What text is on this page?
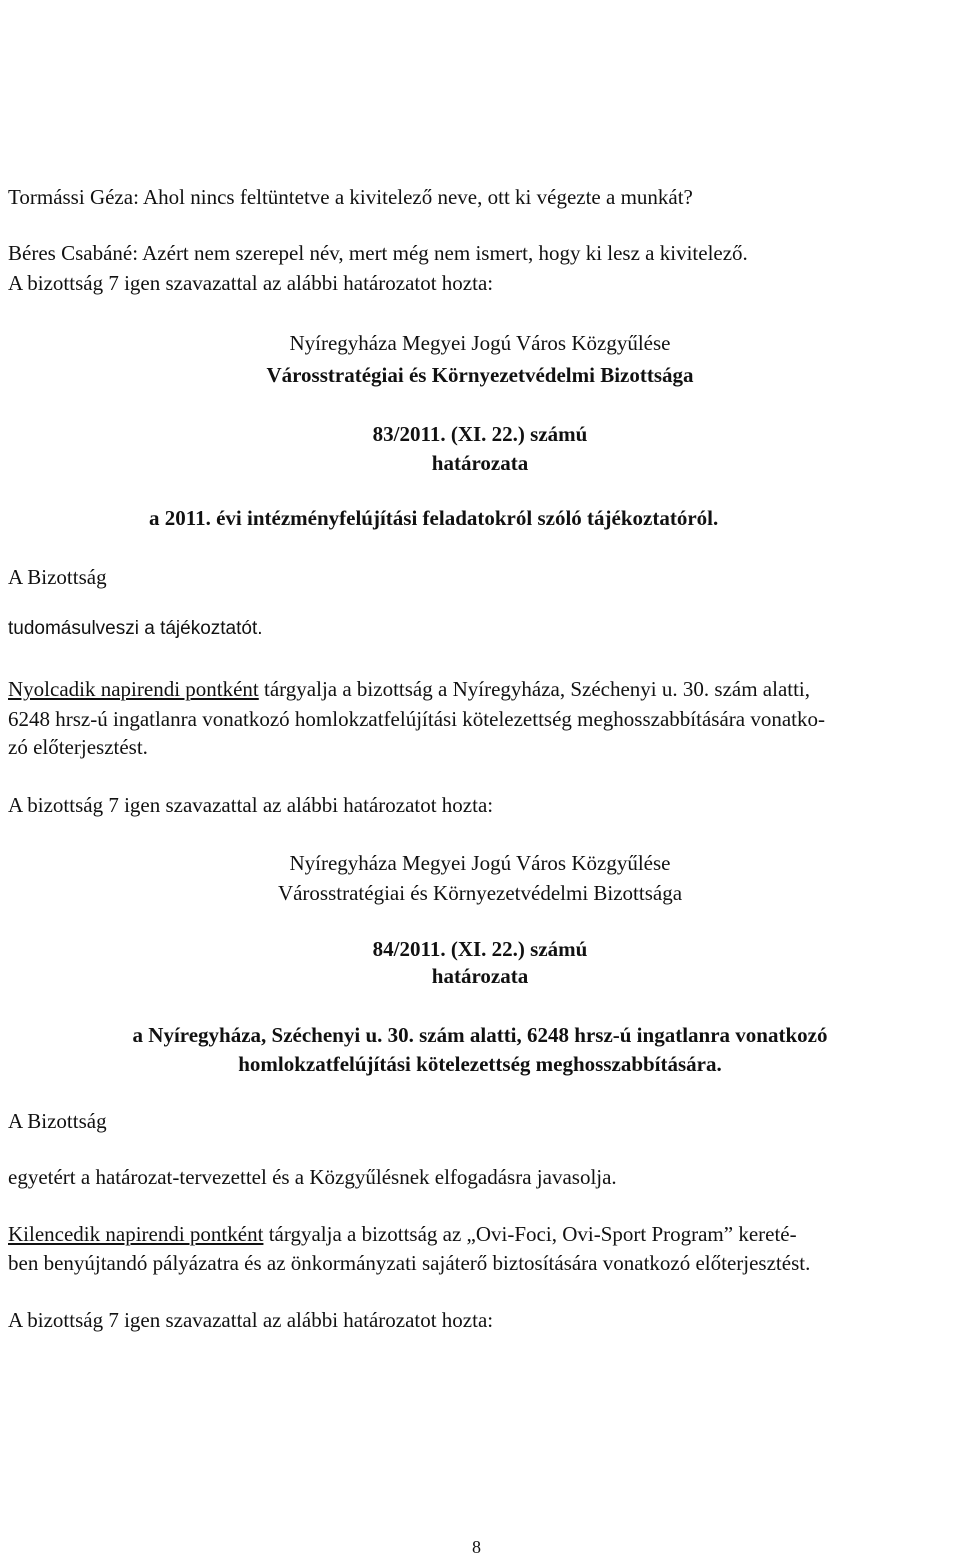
Tormássi Géza: Ahol nincs feltüntetve a kivitelező neve, ott ki végezte a munkát?

Béres Csabáné: Azért nem szerepel név, mert még nem ismert, hogy ki lesz a kivitelező.

A bizottság 7 igen szavazattal az alábbi határozatot hozta:

Nyíregyháza Megyei Jogú Város Közgyűlése

Városstratégiai és Környezetvédelmi Bizottsága

83/2011. (XI. 22.) számú

határozata

a 2011. évi intézményfelújítási feladatokról szóló tájékoztatóról.

A Bizottság

tudomásulveszi a tájékoztatót.

Nyolcadik napirendi pontként tárgyalja a bizottság a Nyíregyháza, Széchenyi u. 30. szám alatti,

6248 hrsz-ú ingatlanra vonatkozó homlokzatfelújítási kötelezettség meghosszabbítására vonatko-

zó előterjesztést.

A bizottság 7 igen szavazattal az alábbi határozatot hozta:

Nyíregyháza Megyei Jogú Város Közgyűlése

Városstratégiai és Környezetvédelmi Bizottsága

84/2011. (XI. 22.) számú

határozata

a Nyíregyháza, Széchenyi u. 30. szám alatti, 6248 hrsz-ú ingatlanra vonatkozó

homlokzatfelújítási kötelezettség meghosszabbítására.

A Bizottság

egyetért a határozat-tervezettel és a Közgyűlésnek elfogadásra javasolja.

Kilencedik napirendi pontként tárgyalja a bizottság az „Ovi-Foci, Ovi-Sport Program” kereté-

ben benyújtandó pályázatra és az önkormányzati sajáterő biztosítására vonatkozó előterjesztést.

A bizottság 7 igen szavazattal az alábbi határozatot hozta:

8
